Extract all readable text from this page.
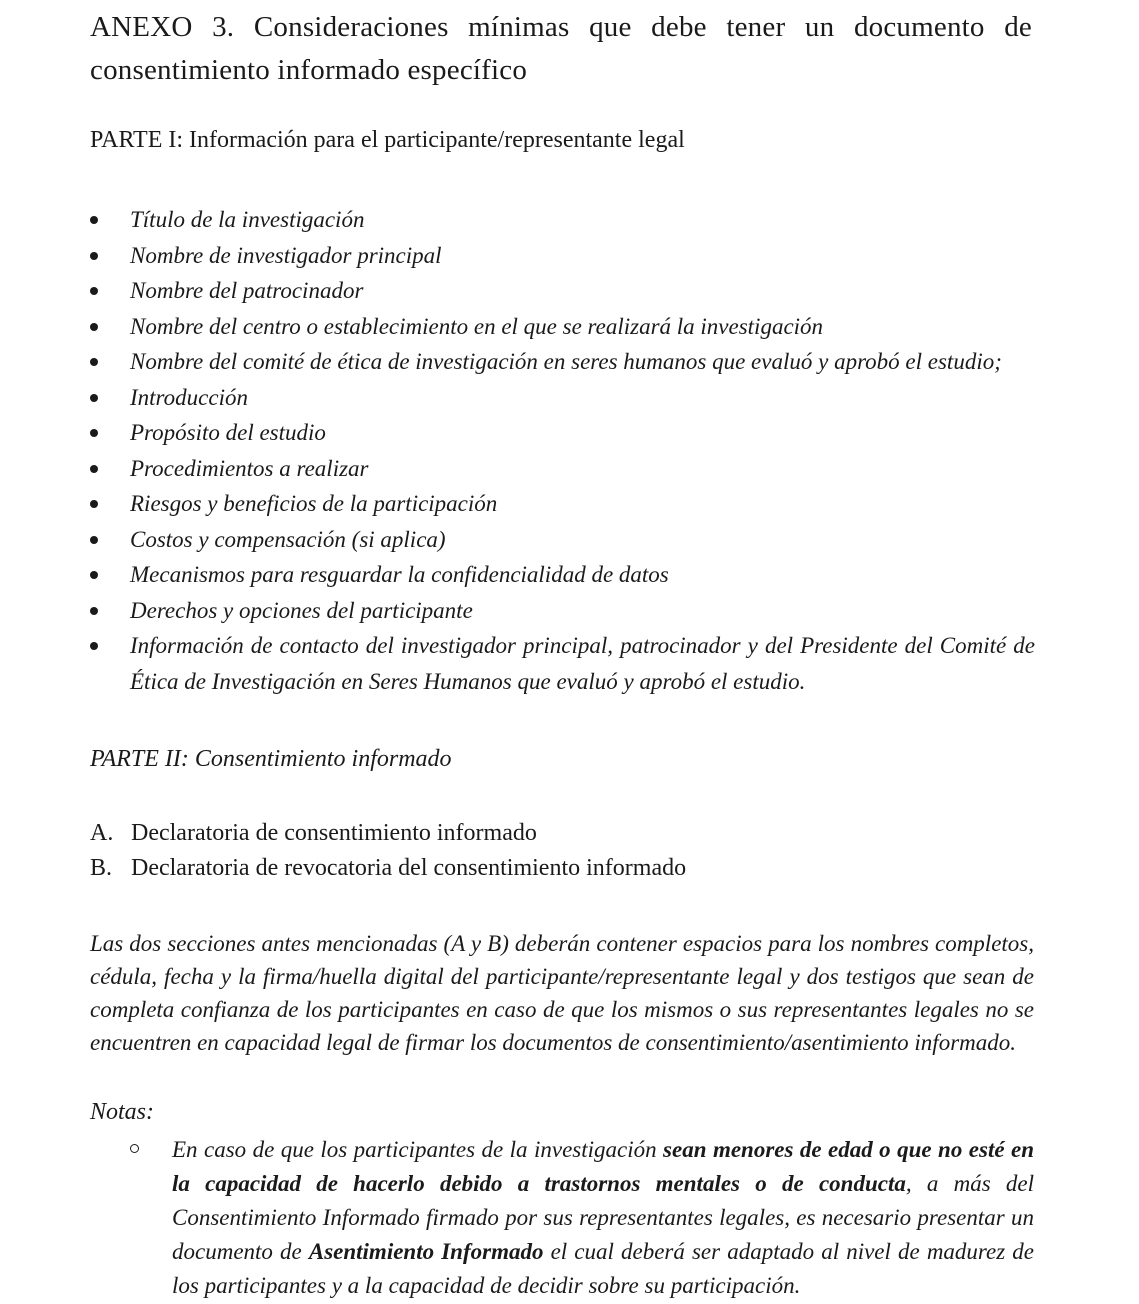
ANEXO 3. Consideraciones mínimas que debe tener un documento de consentimiento informado específico
PARTE I: Información para el participante/representante legal
Título de la investigación
Nombre de investigador principal
Nombre del patrocinador
Nombre del centro o establecimiento en el que se realizará la investigación
Nombre del comité de ética de investigación en seres humanos que evaluó y aprobó el estudio;
Introducción
Propósito del estudio
Procedimientos a realizar
Riesgos y beneficios de la participación
Costos y compensación (si aplica)
Mecanismos para resguardar la confidencialidad de datos
Derechos y opciones del participante
Información de contacto del investigador principal, patrocinador y del Presidente del Comité de Ética de Investigación en Seres Humanos que evaluó y aprobó el estudio.
PARTE II: Consentimiento informado
A. Declaratoria de consentimiento informado
B. Declaratoria de revocatoria del consentimiento informado
Las dos secciones antes mencionadas (A y B) deberán contener espacios para los nombres completos, cédula, fecha y la firma/huella digital del participante/representante legal y dos testigos que sean de completa confianza de los participantes en caso de que los mismos o sus representantes legales no se encuentren en capacidad legal de firmar los documentos de consentimiento/asentimiento informado.
Notas:
En caso de que los participantes de la investigación sean menores de edad o que no esté en la capacidad de hacerlo debido a trastornos mentales o de conducta, a más del Consentimiento Informado firmado por sus representantes legales, es necesario presentar un documento de Asentimiento Informado el cual deberá ser adaptado al nivel de madurez de los participantes y a la capacidad de decidir sobre su participación.
